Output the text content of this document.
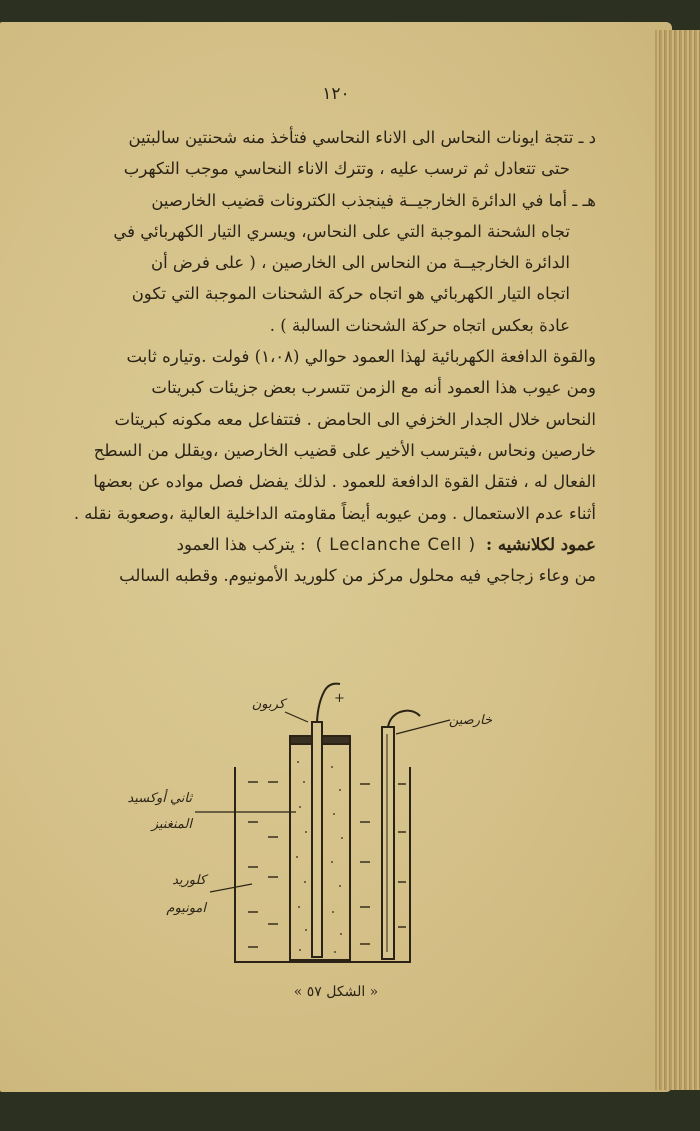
١٢٠
د ـ تتجة ايونات النحاس الى الاناء النحاسي فتأخذ منه شحنتين سالبتين
حتى تتعادل ثم ترسب عليه ، وتترك الاناء النحاسي موجب التكهرب
هـ ـ أما في الدائرة الخارجيــة فينجذب الكترونات قضيب الخارصين
تجاه الشحنة الموجبة التي على النحاس، ويسري التيار الكهربائي في
الدائرة الخارجيــة من النحاس الى الخارصين ، ( على فرض أن
اتجاه التيار الكهربائي هو اتجاه حركة الشحنات الموجبة التي تكون
عادة بعكس اتجاه حركة الشحنات السالبة ) .
والقوة الدافعة الكهربائية لهذا العمود حوالي (١،٠٨) فولت .وتياره ثابت
ومن عيوب هذا العمود أنه مع الزمن تتسرب بعض جزيئات كبريتات
النحاس خلال الجدار الخزفي الى الحامض . فتتفاعل معه مكونه كبريتات
خارصين ونحاس ،فيترسب الأخير على قضيب الخارصين ،ويقلل من السطح
الفعال له ، فتقل القوة الدافعة للعمود . لذلك يفضل فصل مواده عن بعضها
أثناء عدم الاستعمال . ومن عيوبه أيضاً مقاومته الداخلية العالية ،وصعوبة نقله .
عمود لكلانشيه :
( Leclanche Cell )
: يتركب هذا العمود
من وعاء زجاجي فيه محلول مركز من كلوريد الأمونيوم. وقطبه السالب
كربون	+
خارصين
ثاني أوكسيد
المنغنيز
كلوريد
امونيوم
« الشكل ٥٧ »
